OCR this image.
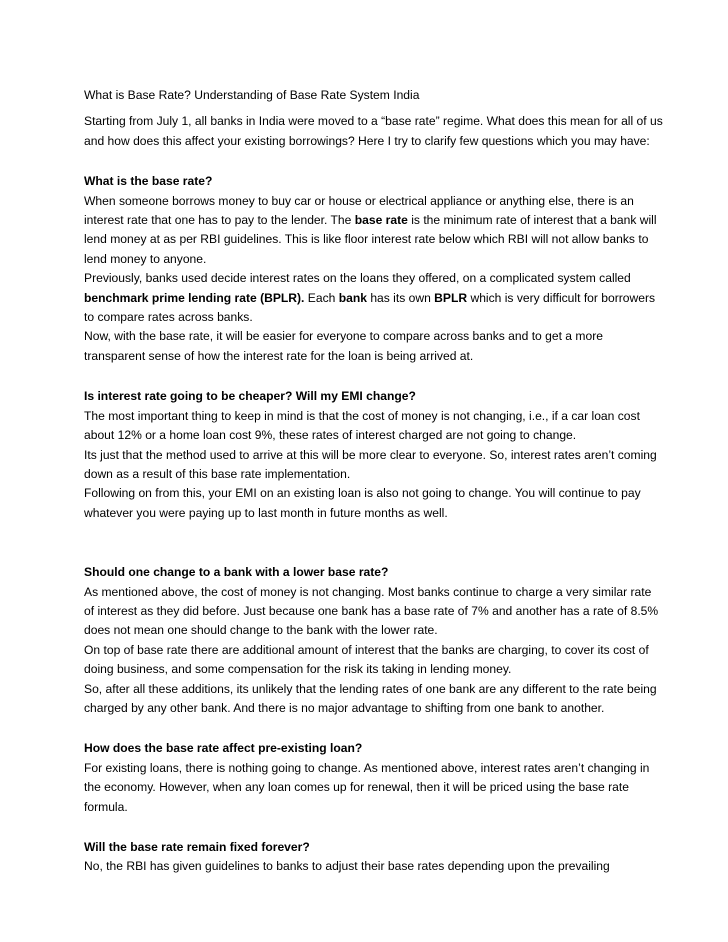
What is Base Rate? Understanding of Base Rate System India

Starting from July 1, all banks in India were moved to a “base rate” regime. What does this mean for all of us and how does this affect your existing borrowings? Here I try to clarify few questions which you may have:

What is the base rate?

When someone borrows money to buy car or house or electrical appliance or anything else, there is an interest rate that one has to pay to the lender. The base rate is the minimum rate of interest that a bank will lend money at as per RBI guidelines. This is like floor interest rate below which RBI will not allow banks to lend money to anyone.

Previously, banks used decide interest rates on the loans they offered, on a complicated system called benchmark prime lending rate (BPLR). Each bank has its own BPLR which is very difficult for borrowers to compare rates across banks.

Now, with the base rate, it will be easier for everyone to compare across banks and to get a more transparent sense of how the interest rate for the loan is being arrived at.

Is interest rate going to be cheaper? Will my EMI change?

The most important thing to keep in mind is that the cost of money is not changing, i.e., if a car loan cost about 12% or a home loan cost 9%, these rates of interest charged are not going to change.

Its just that the method used to arrive at this will be more clear to everyone. So, interest rates aren’t coming down as a result of this base rate implementation.

Following on from this, your EMI on an existing loan is also not going to change. You will continue to pay whatever you were paying up to last month in future months as well.

Should one change to a bank with a lower base rate?

As mentioned above, the cost of money is not changing. Most banks continue to charge a very similar rate of interest as they did before. Just because one bank has a base rate of 7% and another has a rate of 8.5% does not mean one should change to the bank with the lower rate.

On top of base rate there are additional amount of interest that the banks are charging, to cover its cost of doing business, and some compensation for the risk its taking in lending money.

So, after all these additions, its unlikely that the lending rates of one bank are any different to the rate being charged by any other bank. And there is no major advantage to shifting from one bank to another.

How does the base rate affect pre-existing loan?

For existing loans, there is nothing going to change. As mentioned above, interest rates aren’t changing in the economy. However, when any loan comes up for renewal, then it will be priced using the base rate formula.

Will the base rate remain fixed forever?

No, the RBI has given guidelines to banks to adjust their base rates depending upon the prevailing
